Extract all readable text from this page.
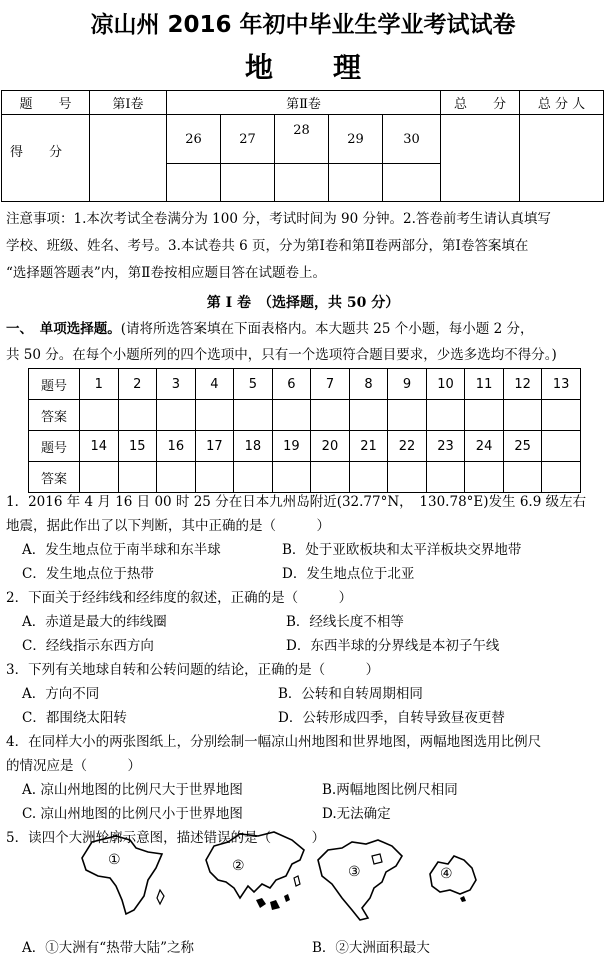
凉山州 2016 年初中毕业生学业考试试卷
地 理
题　　号	第Ⅰ卷	第Ⅱ卷					总　　分	总 分 人
得　　分		26	27	28	29	30		

注意事项：1.本次考试全卷满分为 100 分，考试时间为 90 分钟。2.答卷前考生请认真填写
学校、班级、姓名、考号。3.本试卷共 6 页，分为第Ⅰ卷和第Ⅱ卷两部分，第Ⅰ卷答案填在
“选择题答题表”内，第Ⅱ卷按相应题目答在试题卷上。
第 Ⅰ 卷　（选择题，共 50 分）
一、　单项选择题。(请将所选答案填在下面表格内。本大题共 25 个小题，每小题 2 分，
共 50 分。在每个小题所列的四个选项中，只有一个选项符合题目要求，少选多选均不得分。)
题号	1	2	3	4	5	6	7	8	9	10	11	12	13
答案													
题号	14	15	16	17	18	19	20	21	22	23	24	25	
答案													
1．2016 年 4 月 16 日 00 时 25 分在日本九州岛附近(32.77°N，　130.78°E)发生 6.9 级左右
地震，据此作出了以下判断，其中正确的是（　　　）
A．发生地点位于南半球和东半球	B．处于亚欧板块和太平洋板块交界地带
C．发生地点位于热带	D．发生地点位于北亚
2．下面关于经纬线和经纬度的叙述，正确的是（　　　）
A．赤道是最大的纬线圈	B．经线长度不相等
C．经线指示东西方向	D．东西半球的分界线是本初子午线
3．下列有关地球自转和公转问题的结论，正确的是（　　　）
A．方向不同	B．公转和自转周期相同
C．都围绕太阳转	D．公转形成四季，自转导致昼夜更替
4．在同样大小的两张图纸上，分别绘制一幅凉山州地图和世界地图，两幅地图选用比例尺
的情况应是（　　　）
A. 凉山州地图的比例尺大于世界地图	B.两幅地图比例尺相同
C. 凉山州地图的比例尺小于世界地图	D.无法确定
5．读四个大洲轮廓示意图，描述错误的是（　　　）
①	②	③	④
A．①大洲有“热带大陆”之称	B．②大洲面积最大
